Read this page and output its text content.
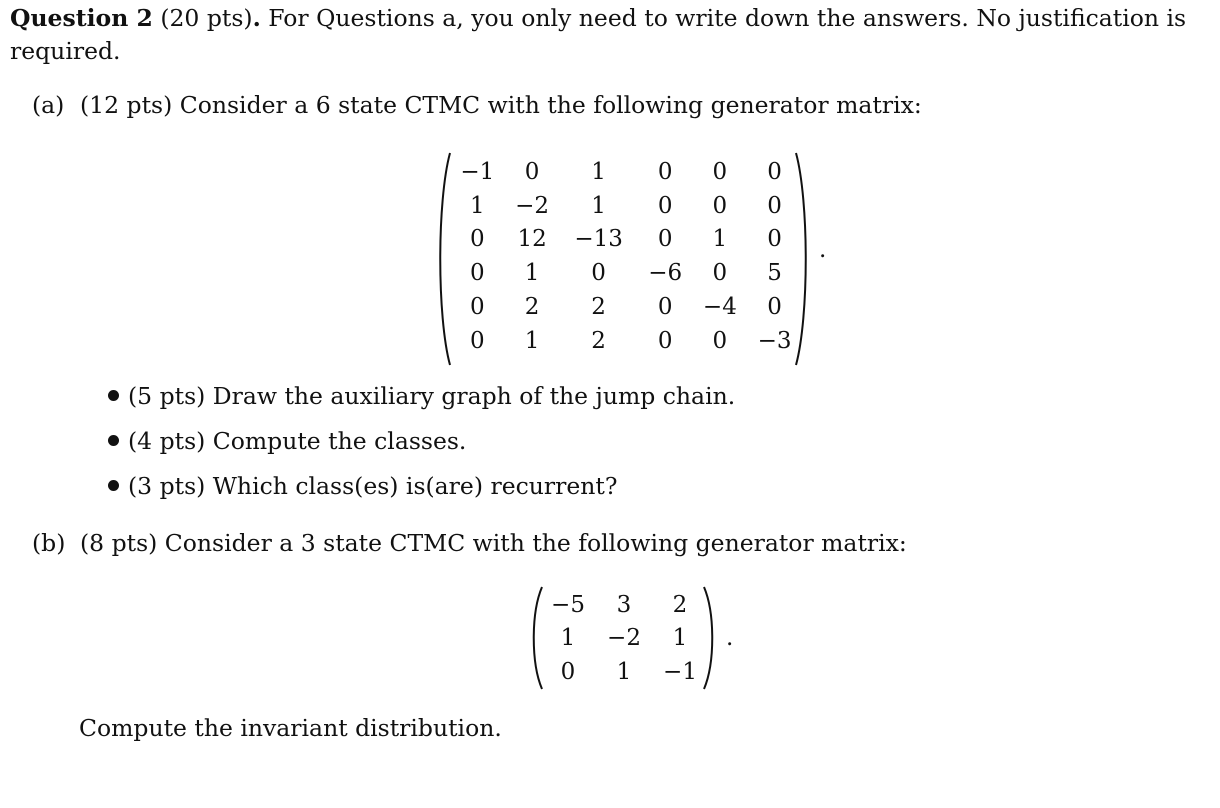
Question 2 (20 pts). For Questions a, you only need to write down the answers. No justification is required.
(a) (12 pts) Consider a 6 state CTMC with the following generator matrix:
−1	0	1	0	0	0
1	−2	1	0	0	0
0	12	−13	0	1	0
0	1	0	−6	0	5
0	2	2	0	−4	0
0	1	2	0	0	−3
.
(5 pts) Draw the auxiliary graph of the jump chain.
(4 pts) Compute the classes.
(3 pts) Which class(es) is(are) recurrent?
(b) (8 pts) Consider a 3 state CTMC with the following generator matrix:
−5	3	2
1	−2	1
0	1	−1
.
Compute the invariant distribution.
